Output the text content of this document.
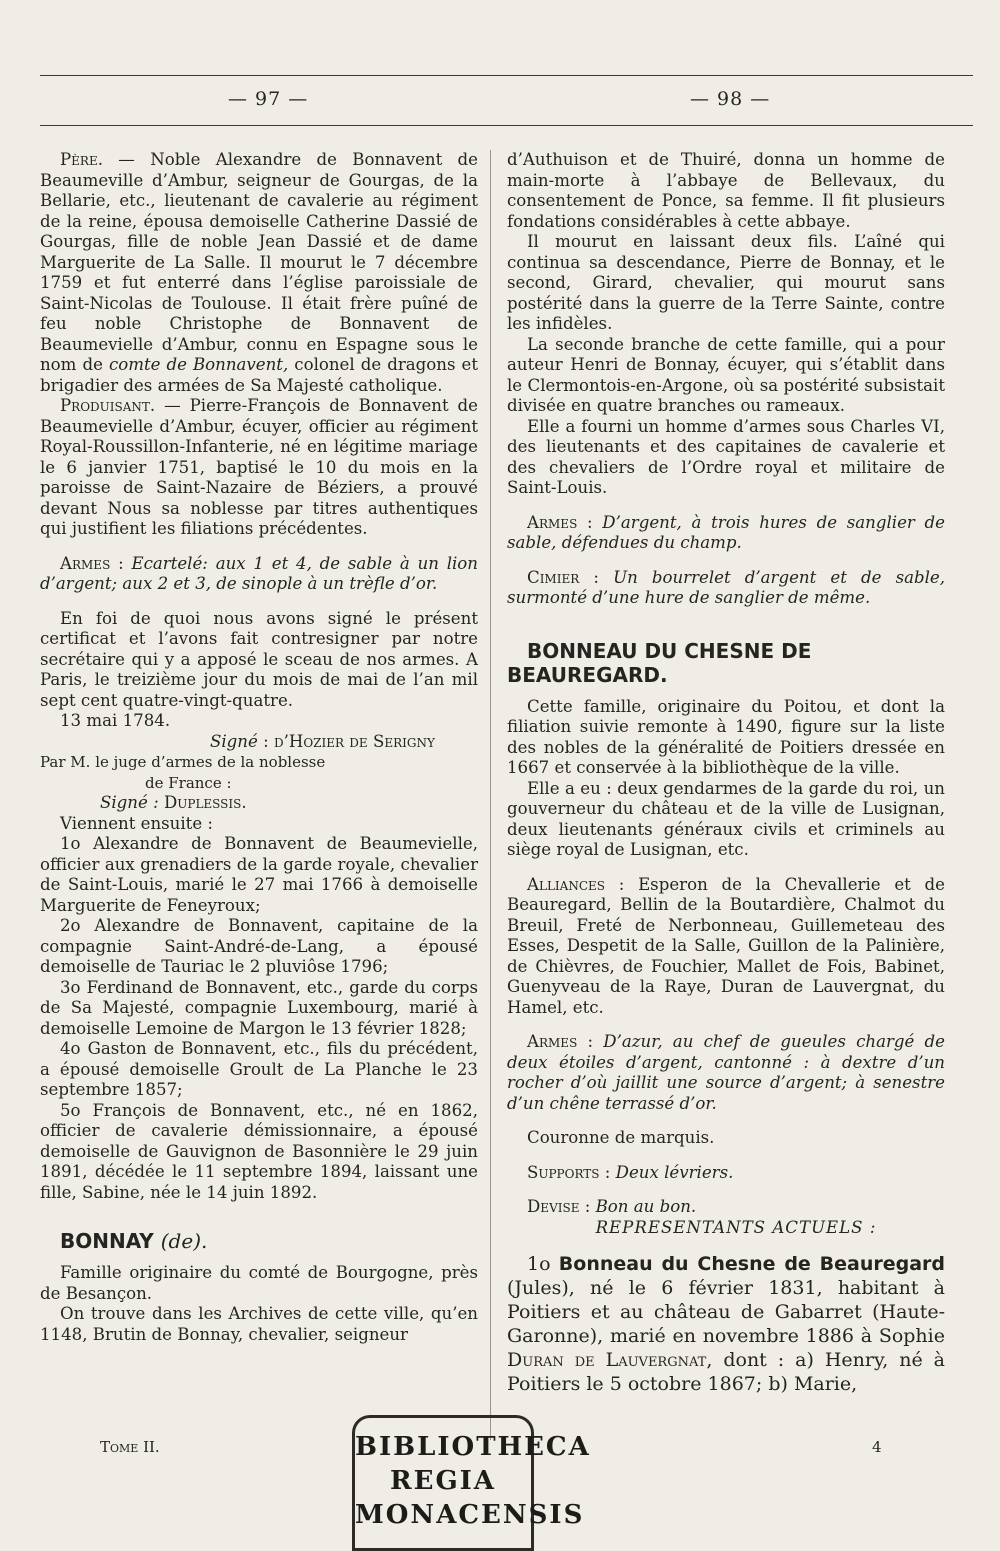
— 97 —	— 98 —

Père. — Noble Alexandre de Bonnavent de Beaumeville d’Ambur, seigneur de Gourgas, de la Bellarie, etc., lieutenant de cavalerie au régiment de la reine, épousa demoiselle Catherine Dassié de Gourgas, fille de noble Jean Dassié et de dame Marguerite de La Salle. Il mourut le 7 décembre 1759 et fut enterré dans l’église paroissiale de Saint-Nicolas de Toulouse. Il était frère puîné de feu noble Christophe de Bonnavent de Beaumevielle d’Ambur, connu en Espagne sous le nom de comte de Bonnavent, colonel de dragons et brigadier des armées de Sa Majesté catholique.

Produisant. — Pierre-François de Bonnavent de Beaumevielle d’Ambur, écuyer, officier au régiment Royal-Roussillon-Infanterie, né en légitime mariage le 6 janvier 1751, baptisé le 10 du mois en la paroisse de Saint-Nazaire de Béziers, a prouvé devant Nous sa noblesse par titres authentiques qui justifient les filiations précédentes.

Armes : Ecartelé: aux 1 et 4, de sable à un lion d’argent; aux 2 et 3, de sinople à un trèfle d’or.

En foi de quoi nous avons signé le présent certificat et l’avons fait contresigner par notre secrétaire qui y a apposé le sceau de nos armes. A Paris, le treizième jour du mois de mai de l’an mil sept cent quatre-vingt-quatre.

13 mai 1784.

Signé : d’Hozier de Serigny

Par M. le juge d’armes de la noblesse

de France :

Signé : Duplessis.

Viennent ensuite :

1o Alexandre de Bonnavent de Beaumevielle, officier aux grenadiers de la garde royale, chevalier de Saint-Louis, marié le 27 mai 1766 à demoiselle Marguerite de Feneyroux;

2o Alexandre de Bonnavent, capitaine de la compagnie Saint-André-de-Lang, a épousé demoiselle de Tauriac le 2 pluviôse 1796;

3o Ferdinand de Bonnavent, etc., garde du corps de Sa Majesté, compagnie Luxembourg, marié à demoiselle Lemoine de Margon le 13 février 1828;

4o Gaston de Bonnavent, etc., fils du précédent, a épousé demoiselle Groult de La Planche le 23 septembre 1857;

5o François de Bonnavent, etc., né en 1862, officier de cavalerie démissionnaire, a épousé demoiselle de Gauvignon de Basonnière le 29 juin 1891, décédée le 11 septembre 1894, laissant une fille, Sabine, née le 14 juin 1892.

BONNAY (de).

Famille originaire du comté de Bourgogne, près de Besançon.

On trouve dans les Archives de cette ville, qu’en 1148, Brutin de Bonnay, chevalier, seigneur

d’Authuison et de Thuiré, donna un homme de main-morte à l’abbaye de Bellevaux, du consentement de Ponce, sa femme. Il fit plusieurs fondations considérables à cette abbaye.

Il mourut en laissant deux fils. L’aîné qui continua sa descendance, Pierre de Bonnay, et le second, Girard, chevalier, qui mourut sans postérité dans la guerre de la Terre Sainte, contre les infidèles.

La seconde branche de cette famille, qui a pour auteur Henri de Bonnay, écuyer, qui s’établit dans le Clermontois-en-Argone, où sa postérité subsistait divisée en quatre branches ou rameaux.

Elle a fourni un homme d’armes sous Charles VI, des lieutenants et des capitaines de cavalerie et des chevaliers de l’Ordre royal et militaire de Saint-Louis.

Armes : D’argent, à trois hures de sanglier de sable, défendues du champ.

Cimier : Un bourrelet d’argent et de sable, surmonté d’une hure de sanglier de même.

BONNEAU DU CHESNE DE BEAUREGARD.

Cette famille, originaire du Poitou, et dont la filiation suivie remonte à 1490, figure sur la liste des nobles de la généralité de Poitiers dressée en 1667 et conservée à la bibliothèque de la ville.

Elle a eu : deux gendarmes de la garde du roi, un gouverneur du château et de la ville de Lusignan, deux lieutenants généraux civils et criminels au siège royal de Lusignan, etc.

Alliances : Esperon de la Chevallerie et de Beauregard, Bellin de la Boutardière, Chalmot du Breuil, Freté de Nerbonneau, Guillemeteau des Esses, Despetit de la Salle, Guillon de la Palinière, de Chièvres, de Fouchier, Mallet de Fois, Babinet, Guenyveau de la Raye, Duran de Lauvergnat, du Hamel, etc.

Armes : D’azur, au chef de gueules chargé de deux étoiles d’argent, cantonné : à dextre d’un rocher d’où jaillit une source d’argent; à senestre d’un chêne terrassé d’or.

Couronne de marquis.

Supports : Deux lévriers.

Devise : Bon au bon.

REPRESENTANTS ACTUELS :

1o Bonneau du Chesne de Beauregard (Jules), né le 6 février 1831, habitant à Poitiers et au château de Gabarret (Haute-Garonne), marié en novembre 1886 à Sophie Duran de Lauvergnat, dont : a) Henry, né à Poitiers le 5 octobre 1867; b) Marie,

Tome II.	4
BIBLIOTHECA
REGIA
MONACENSIS
